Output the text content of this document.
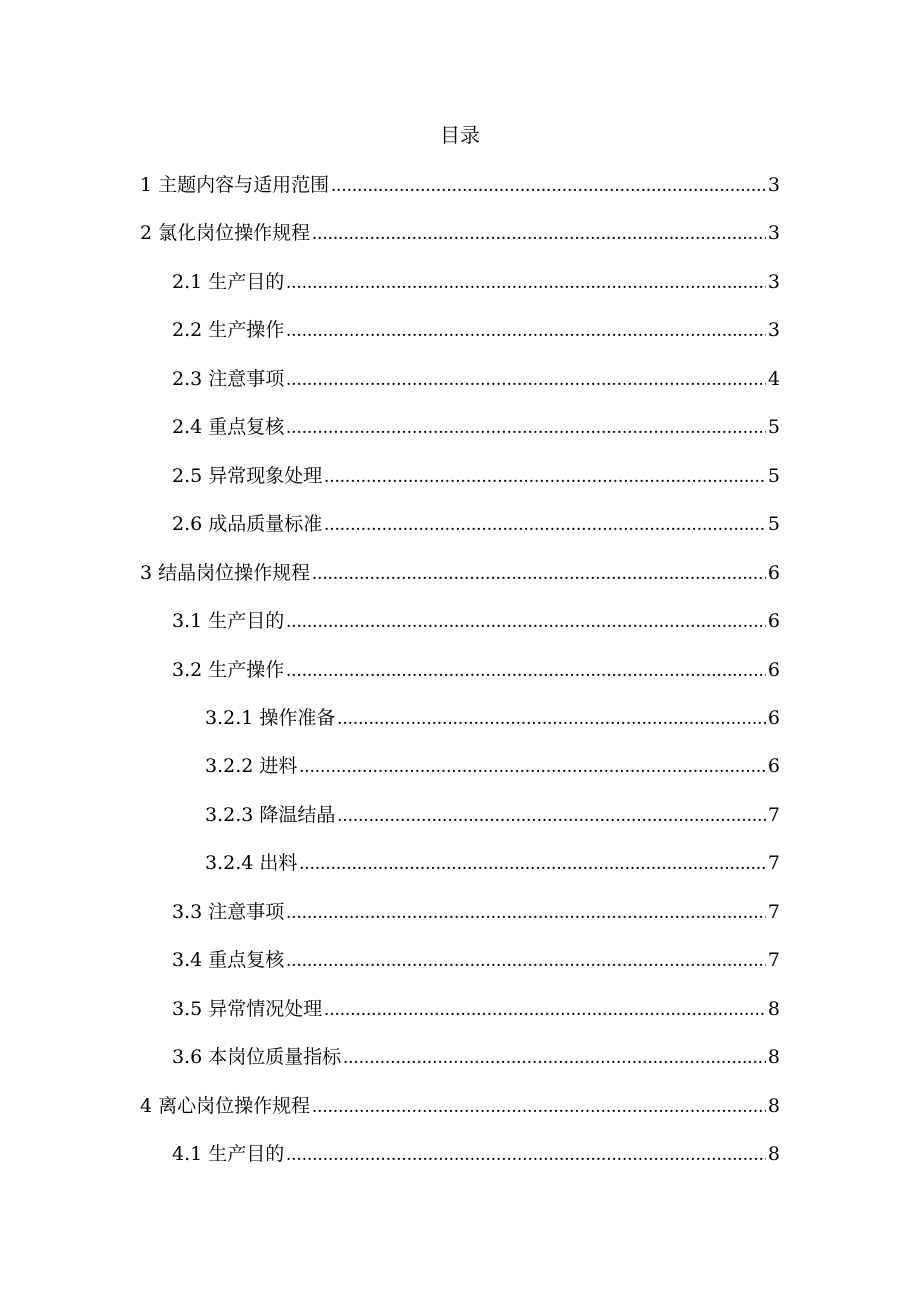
目录
1 主题内容与适用范围 .....	3
2 氯化岗位操作规程 .....	3
2.1 生产目的 .....	3
2.2 生产操作 .....	3
2.3 注意事项 .....	4
2.4 重点复核 .....	5
2.5 异常现象处理 .....	5
2.6 成品质量标准 .....	5
3 结晶岗位操作规程 .....	6
3.1 生产目的 .....	6
3.2 生产操作 .....	6
3.2.1 操作准备 .....	6
3.2.2 进料 .....	6
3.2.3 降温结晶 .....	7
3.2.4 出料 .....	7
3.3 注意事项 .....	7
3.4 重点复核 .....	7
3.5 异常情况处理 .....	8
3.6 本岗位质量指标 .....	8
4 离心岗位操作规程 .....	8
4.1 生产目的 .....	8
